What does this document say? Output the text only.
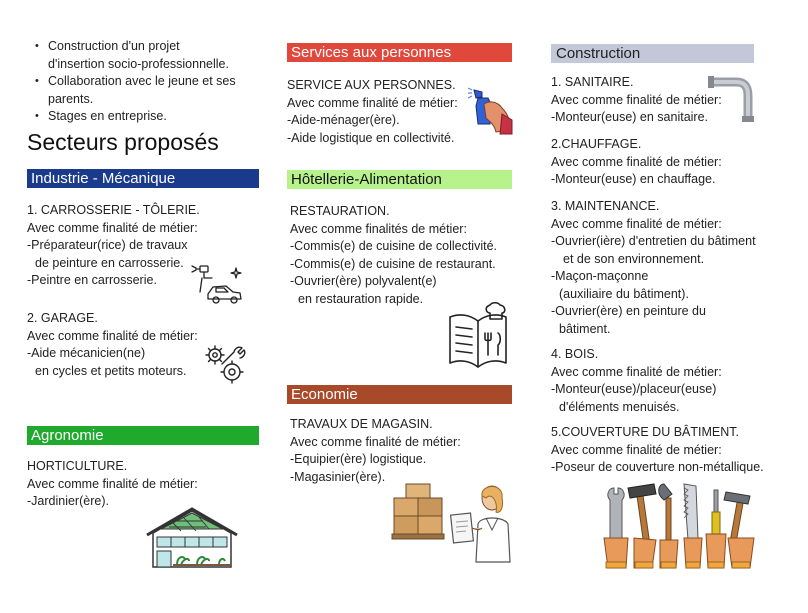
• Construction d'un projet
d'insertion socio-professionnelle.
• Collaboration avec le jeune et ses
parents.
• Stages en entreprise.
Secteurs proposés
Industrie - Mécanique
1. CARROSSERIE - TÔLERIE.
Avec comme finalité de métier:
-Préparateur(rice) de travaux
de peinture en carrosserie.
-Peintre en carrosserie.
2. GARAGE.
Avec comme finalité de métier:
-Aide mécanicien(ne)
en cycles et petits moteurs.
Agronomie
HORTICULTURE.
Avec comme finalité de métier:
-Jardinier(ère).
Services aux personnes
SERVICE AUX PERSONNES.
Avec comme finalité de métier:
-Aide-ménager(ère).
-Aide logistique en collectivité.
Hôtellerie-Alimentation
RESTAURATION.
Avec comme finalités de métier:
-Commis(e) de cuisine de collectivité.
-Commis(e) de cuisine de restaurant.
-Ouvrier(ère) polyvalent(e)
en restauration rapide.
Economie
TRAVAUX DE MAGASIN.
Avec comme finalité de métier:
-Equipier(ère) logistique.
-Magasinier(ère).
Construction
1. SANITAIRE.
Avec comme finalité de métier:
-Monteur(euse) en sanitaire.
2.CHAUFFAGE.
Avec comme finalité de métier:
-Monteur(euse) en chauffage.
3. MAINTENANCE.
Avec comme finalité de métier:
-Ouvrier(ière) d'entretien du bâtiment
et de son environnement.
-Maçon-maçonne
(auxiliaire du bâtiment).
-Ouvrier(ère) en peinture du
bâtiment.
4. BOIS.
Avec comme finalité de métier:
-Monteur(euse)/placeur(euse)
d'éléments menuisés.
5.COUVERTURE DU BÂTIMENT.
Avec comme finalité de métier:
-Poseur de couverture non-métallique.
